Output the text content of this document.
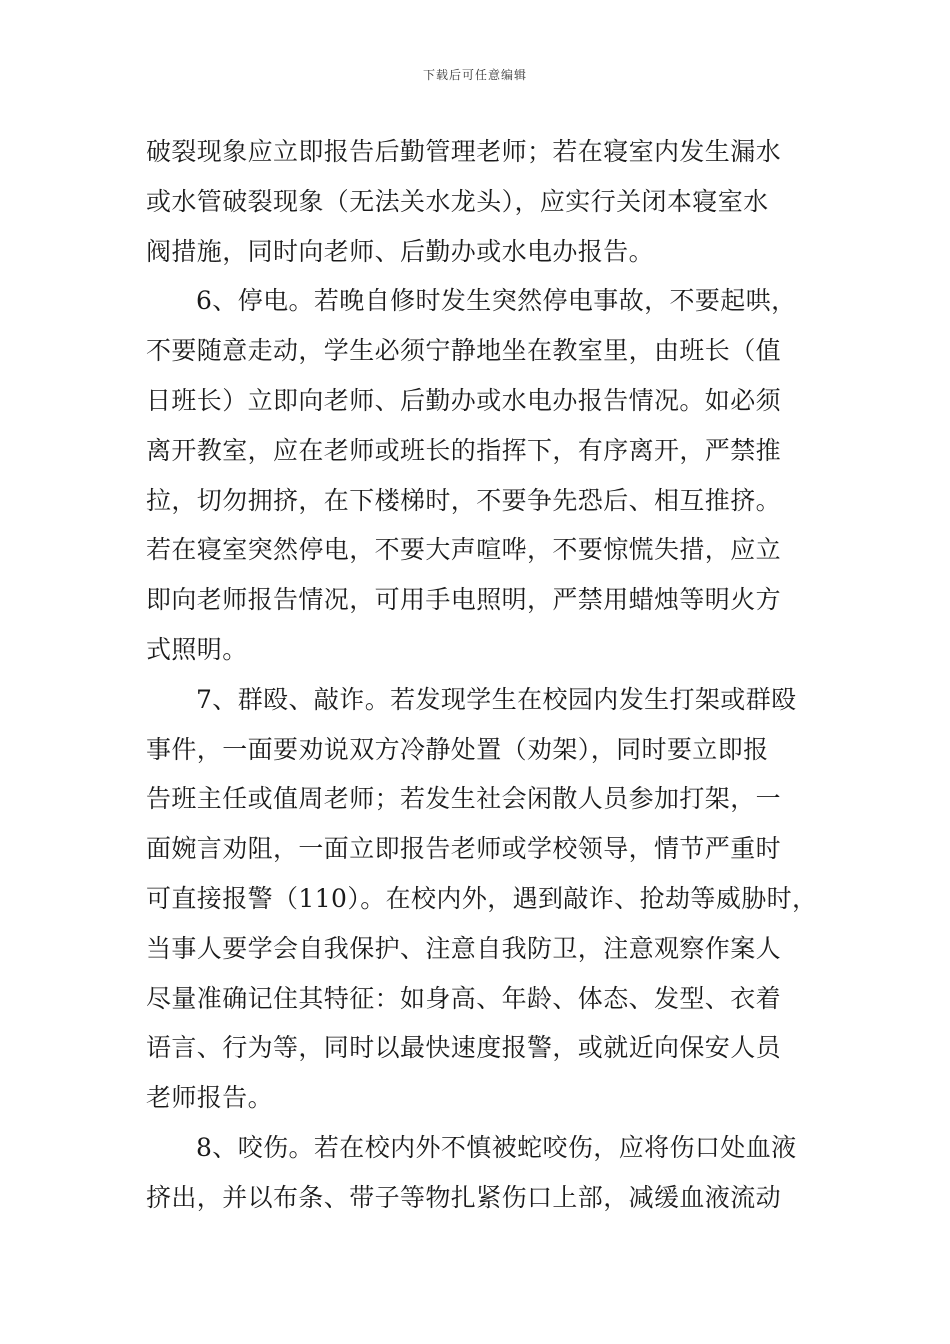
下载后可任意编辑
破裂现象应立即报告后勤管理老师；若在寝室内发生漏水
或水管破裂现象（无法关水龙头），应实行关闭本寝室水
阀措施，同时向老师、后勤办或水电办报告。
6、停电。若晚自修时发生突然停电事故，不要起哄，
不要随意走动，学生必须宁静地坐在教室里，由班长（值
日班长）立即向老师、后勤办或水电办报告情况。如必须
离开教室，应在老师或班长的指挥下，有序离开，严禁推
拉，切勿拥挤，在下楼梯时，不要争先恐后、相互推挤。
若在寝室突然停电，不要大声喧哗，不要惊慌失措，应立
即向老师报告情况，可用手电照明，严禁用蜡烛等明火方
式照明。
7、群殴、敲诈。若发现学生在校园内发生打架或群殴
事件，一面要劝说双方冷静处置（劝架），同时要立即报
告班主任或值周老师；若发生社会闲散人员参加打架，一
面婉言劝阻，一面立即报告老师或学校领导，情节严重时
可直接报警（110）。在校内外，遇到敲诈、抢劫等威胁时，
当事人要学会自我保护、注意自我防卫，注意观察作案人
尽量准确记住其特征：如身高、年龄、体态、发型、衣着
语言、行为等，同时以最快速度报警，或就近向保安人员
老师报告。
8、咬伤。若在校内外不慎被蛇咬伤，应将伤口处血液
挤出，并以布条、带子等物扎紧伤口上部，减缓血液流动
